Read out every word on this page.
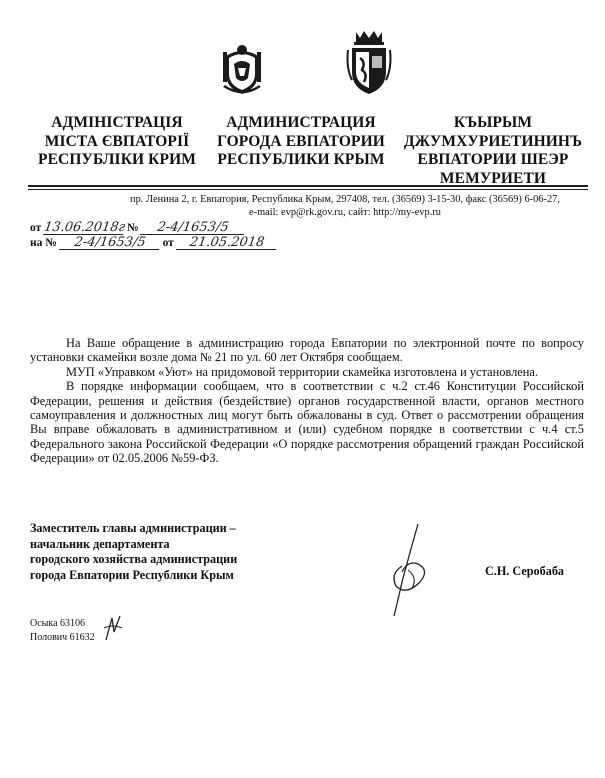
АДМІНІСТРАЦІЯ
МІСТА ЄВПАТОРІЇ
РЕСПУБЛІКИ КРИМ
АДМИНИСТРАЦИЯ
ГОРОДА ЕВПАТОРИИ
РЕСПУБЛИКИ КРЫМ
КЪЫРЫМ
ДЖУМХУРИЕТИНИНЪ
ЕВПАТОРИИ ШЕЭР
МЕМУРИЕТИ
пр. Ленина 2, г. Евпатория, Республика Крым, 297408, тел. (36569) 3-15-30, факс (36569) 6-06-27,
e-mail: evp@rk.gov.ru, сайт: http://my-evp.ru
от 13.06.2018г № 2-4/1653/5
на № 2-4/1653/5 от 21.05.2018

На Ваше обращение в администрацию города Евпатории по электронной почте по вопросу установки скамейки возле дома № 21 по ул. 60 лет Октября сообщаем.

МУП «Управком «Уют» на придомовой территории скамейка изготовлена и установлена.

В порядке информации сообщаем, что в соответствии с ч.2 ст.46 Конституции Российской Федерации, решения и действия (бездействие) органов государственной власти, органов местного самоуправления и должностных лиц могут быть обжалованы в суд. Ответ о рассмотрении обращения Вы вправе обжаловать в административном и (или) судебном порядке в соответствии с ч.4 ст.5 Федерального закона Российской Федерации «О порядке рассмотрения обращений граждан Российской Федерации» от 02.05.2006 №59-ФЗ.

Заместитель главы администрации –
начальник департамента
городского хозяйства администрации
города Евпатории Республики Крым	С.Н. Серобаба
Осыка 63106
Полович 61632
